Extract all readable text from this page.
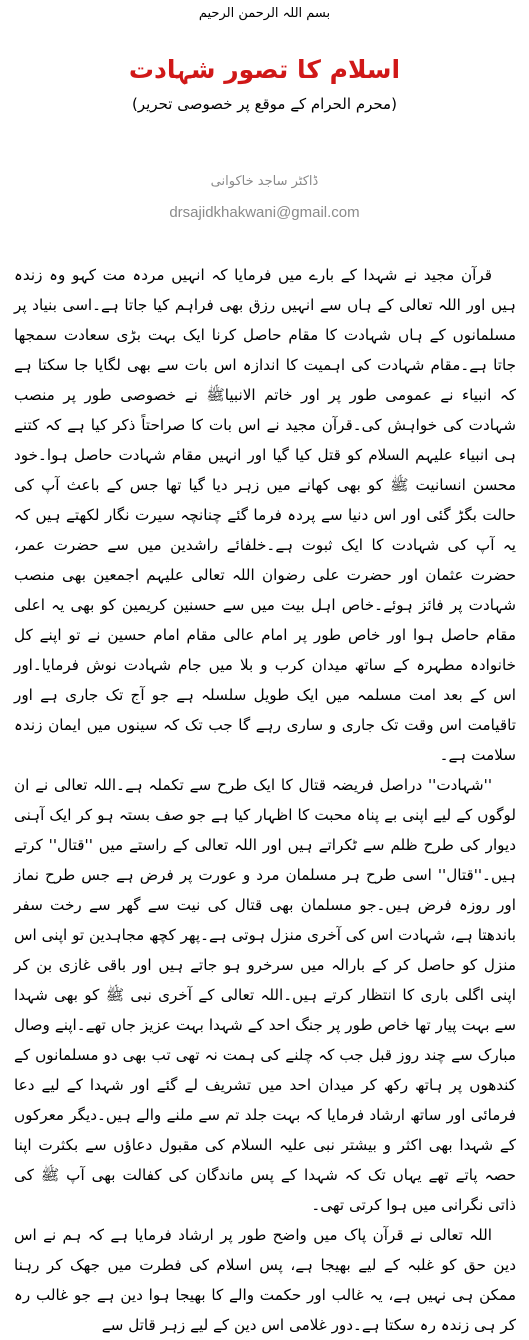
بسم اللہ الرحمن الرحیم
اسلام کا تصور شہادت
(محرم الحرام کے موقع پر خصوصی تحریر)
ڈاکٹر ساجد خاکوانی
drsajidkhakwani@gmail.com

قرآن مجید نے شہدا کے بارے میں فرمایا کہ انہیں مردہ مت کہو وہ زندہ ہیں اور اللہ تعالی کے ہاں سے انہیں رزق بھی فراہم کیا جاتا ہے۔اسی بنیاد پر مسلمانوں کے ہاں شہادت کا مقام حاصل کرنا ایک بہت بڑی سعادت سمجھا جاتا ہے۔مقام شہادت کی اہمیت کا اندازہ اس بات سے بھی لگایا جا سکتا ہے کہ انبیاء نے عمومی طور پر اور خاتم الانبیاﷺ نے خصوصی طور پر منصب شہادت کی خواہش کی۔قرآن مجید نے اس بات کا صراحتاً ذکر کیا ہے کہ کتنے ہی انبیاء علیہم السلام کو قتل کیا گیا اور انہیں مقام شہادت حاصل ہوا۔خود محسن انسانیت ﷺ کو بھی کھانے میں زہر دیا گیا تھا جس کے باعث آپ کی حالت بگڑ گئی اور اس دنیا سے پردہ فرما گئے چنانچہ سیرت نگار لکھتے ہیں کہ یہ آپ کی شہادت کا ایک ثبوت ہے۔خلفائے راشدین میں سے حضرت عمر، حضرت عثمان اور حضرت علی رضوان اللہ تعالی علیہم اجمعین بھی منصب شہادت پر فائز ہوئے۔خاص اہل بیت میں سے حسنین کریمین کو بھی یہ اعلی مقام حاصل ہوا اور خاص طور پر امام عالی مقام امام حسین نے تو اپنے کل خانوادہ مطہرہ کے ساتھ میدان کرب و بلا میں جام شہادت نوش فرمایا۔اور اس کے بعد امت مسلمہ میں ایک طویل سلسلہ ہے جو آج تک جاری ہے اور تاقیامت اس وقت تک جاری و ساری رہے گا جب تک کہ سینوں میں ایمان زندہ سلامت ہے۔

''شہادت'' دراصل فریضہ قتال کا ایک طرح سے تکملہ ہے۔اللہ تعالی نے ان لوگوں کے لیے اپنی بے پناہ محبت کا اظہار کیا ہے جو صف بستہ ہو کر ایک آہنی دیوار کی طرح ظلم سے ٹکراتے ہیں اور اللہ تعالی کے راستے میں ''قتال'' کرتے ہیں۔''قتال'' اسی طرح ہر مسلمان مرد و عورت پر فرض ہے جس طرح نماز اور روزہ فرض ہیں۔جو مسلمان بھی قتال کی نیت سے گھر سے رخت سفر باندھتا ہے، شہادت اس کی آخری منزل ہوتی ہے۔پھر کچھ مجاہدین تو اپنی اس منزل کو حاصل کر کے بارالہ میں سرخرو ہو جاتے ہیں اور باقی غازی بن کر اپنی اگلی باری کا انتظار کرتے ہیں۔اللہ تعالی کے آخری نبی ﷺ کو بھی شہدا سے بہت پیار تھا خاص طور پر جنگ احد کے شہدا بہت عزیز جاں تھے۔اپنے وصال مبارک سے چند روز قبل جب کہ چلنے کی ہمت نہ تھی تب بھی دو مسلمانوں کے کندھوں پر ہاتھ رکھ کر میدان احد میں تشریف لے گئے اور شہدا کے لیے دعا فرمائی اور ساتھ ارشاد فرمایا کہ بہت جلد تم سے ملنے والے ہیں۔دیگر معرکوں کے شہدا بھی اکثر و بیشتر نبی علیہ السلام کی مقبول دعاؤں سے بکثرت اپنا حصہ پاتے تھے یہاں تک کہ شہدا کے پس ماندگان کی کفالت بھی آپ ﷺ کی ذاتی نگرانی میں ہوا کرتی تھی۔

اللہ تعالی نے قرآن پاک میں واضح طور پر ارشاد فرمایا ہے کہ ہم نے اس دین حق کو غلبہ کے لیے بھیجا ہے، پس اسلام کی فطرت میں جھک کر رہنا ممکن ہی نہیں ہے، یہ غالب اور حکمت والے کا بھیجا ہوا دین ہے جو غالب رہ کر ہی زندہ رہ سکتا ہے۔دور غلامی اس دین کے لیے زہر قاتل سے
